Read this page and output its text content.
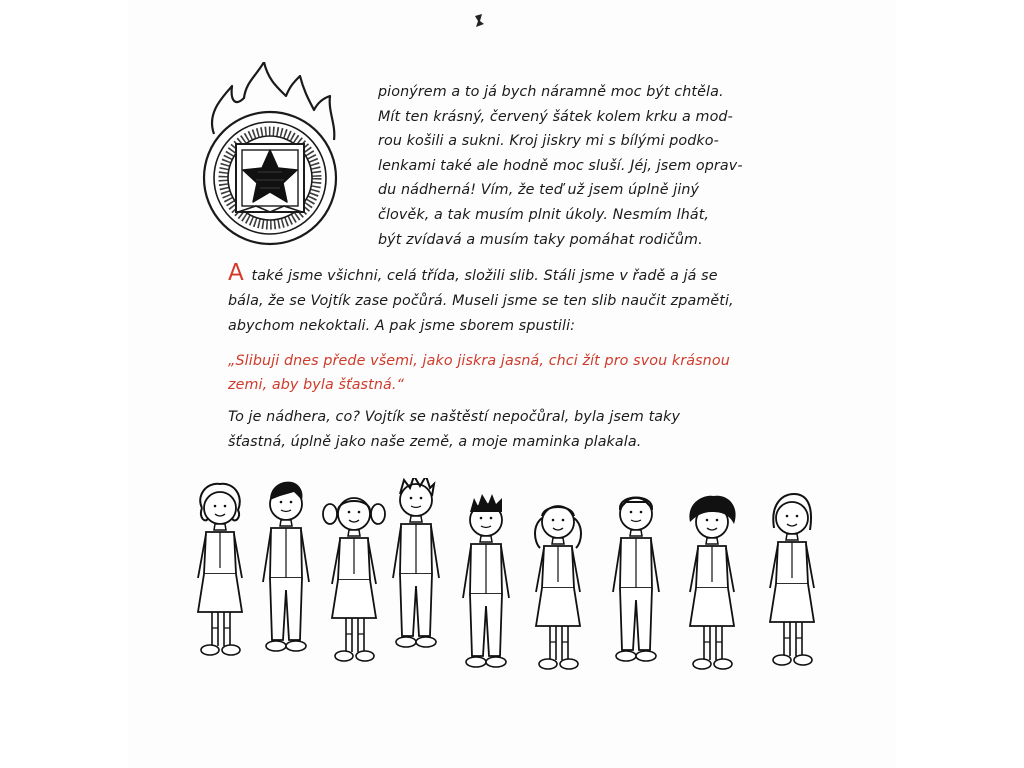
pionýrem a to já bych náramně moc být chtěla.
Mít ten krásný, červený šátek kolem krku a mod-
rou košili a sukni. Kroj jiskry mi s bílými podko-
lenkami také ale hodně moc sluší. Jéj, jsem oprav-
du nádherná! Vím, že teď už jsem úplně jiný
člověk, a tak musím plnit úkoly. Nesmím lhát,
být zvídavá a musím taky pomáhat rodičům.
A také jsme všichni, celá třída, složili slib. Stáli jsme v řadě a já se
bála, že se Vojtík zase počůrá. Museli jsme se ten slib naučit zpaměti,
abychom nekoktali. A pak jsme sborem spustili:
„Slibuji dnes přede všemi, jako jiskra jasná, chci žít pro svou krásnou
zemi, aby byla šťastná.“
To je nádhera, co? Vojtík se naštěstí nepočůral, byla jsem taky
šťastná, úplně jako naše země, a moje maminka plakala.
